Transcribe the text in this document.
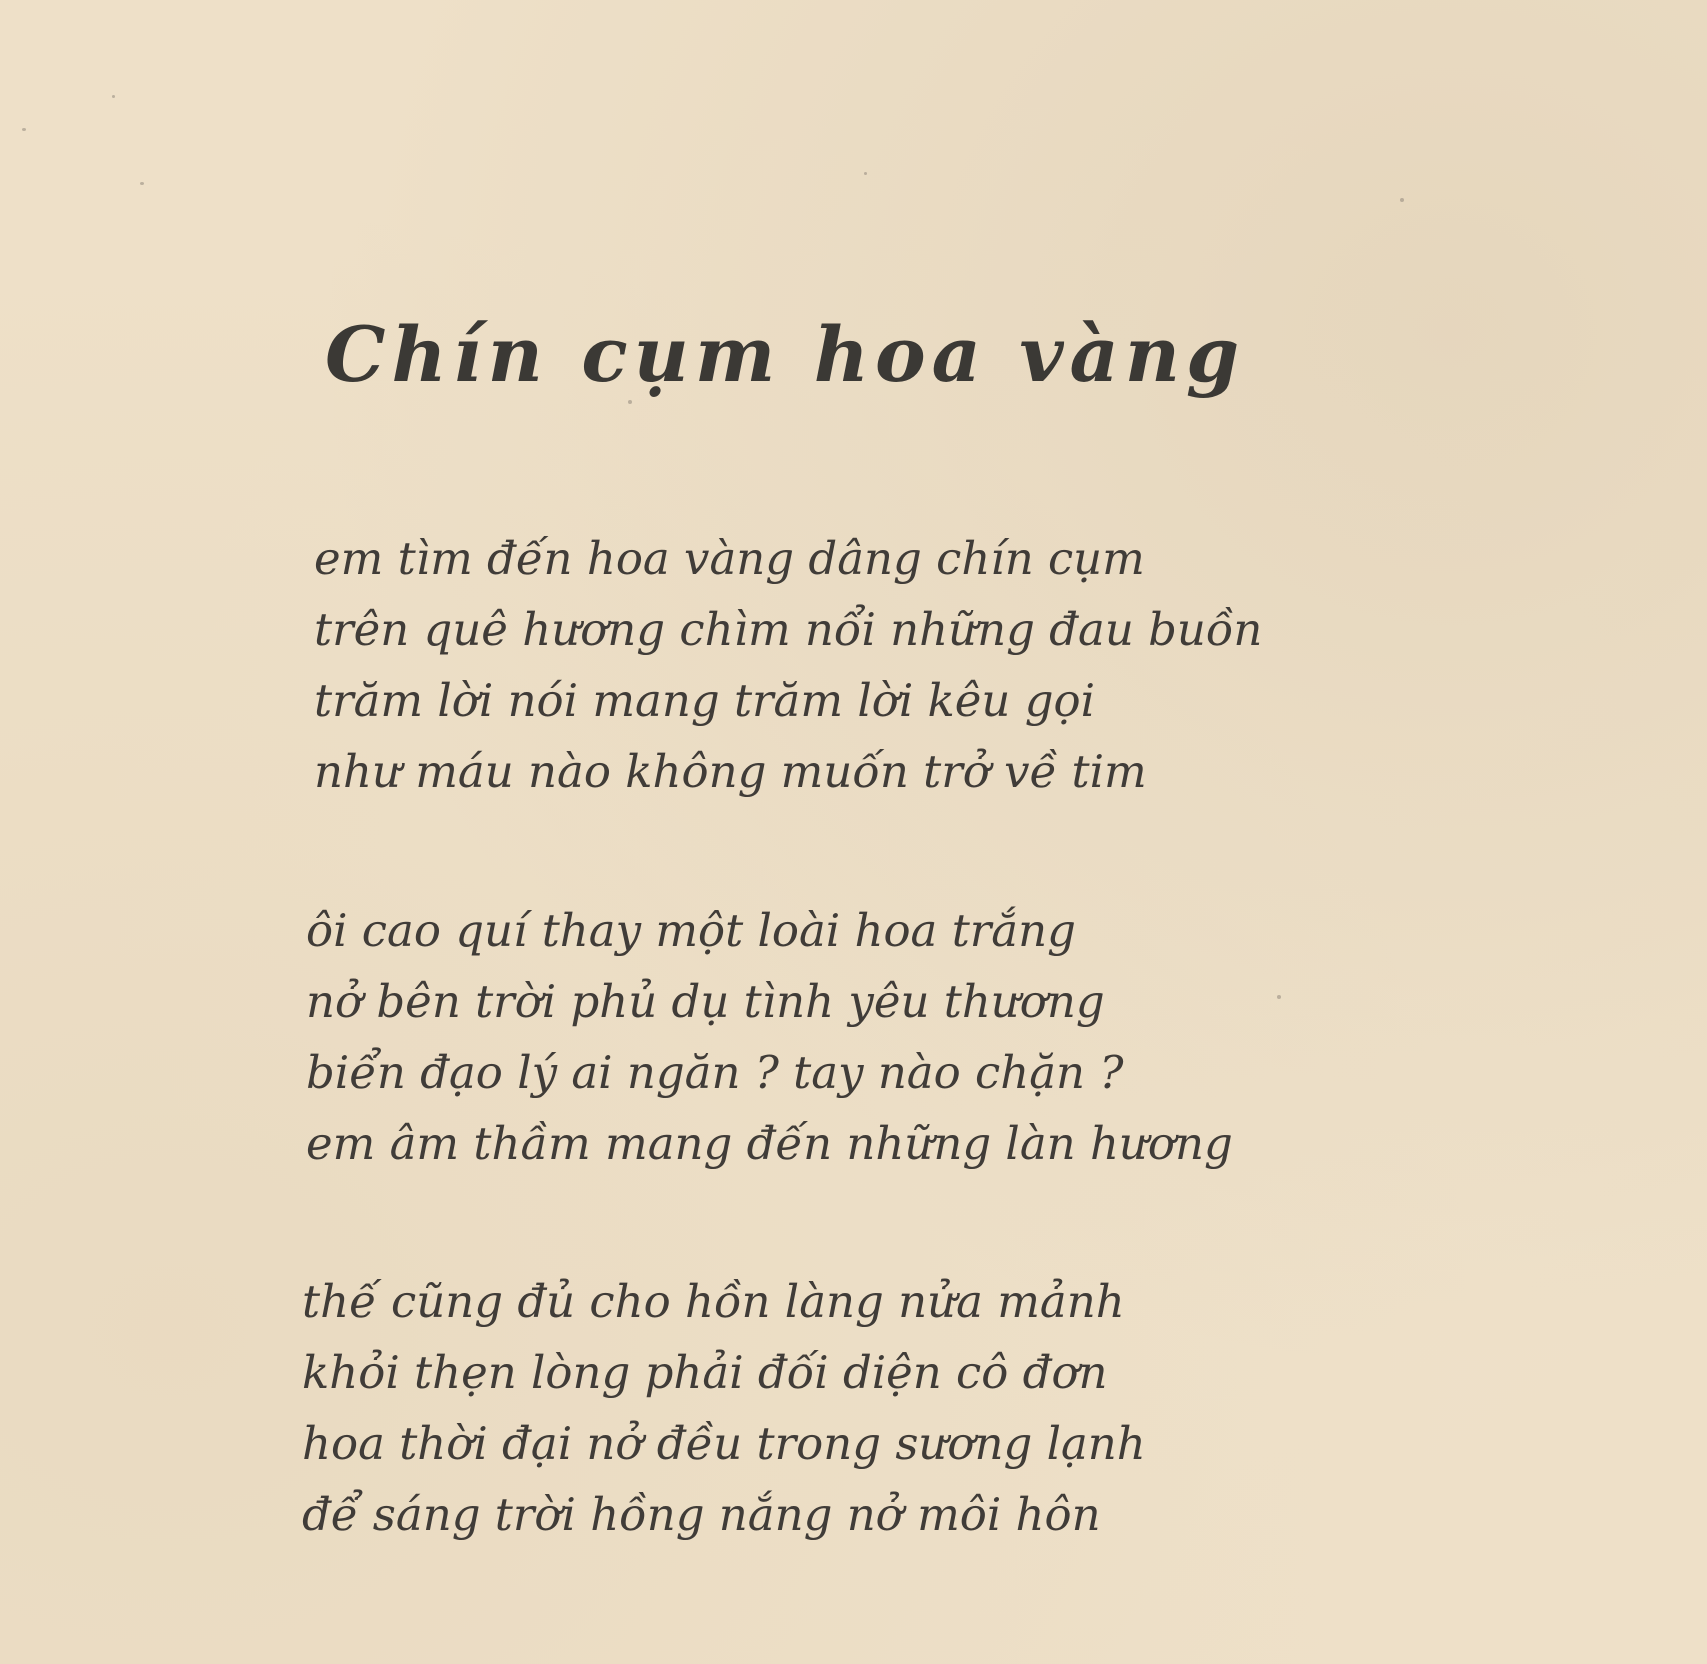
Chín cụm hoa vàng
em tìm đến hoa vàng dâng chín cụm
trên quê hương chìm nổi những đau buồn
trăm lời nói mang trăm lời kêu gọi
như máu nào không muốn trở về tim
ôi cao quí thay một loài hoa trắng
nở bên trời phủ dụ tình yêu thương
biển đạo lý ai ngăn ? tay nào chặn ?
em âm thầm mang đến những làn hương
thế cũng đủ cho hồn làng nửa mảnh
khỏi thẹn lòng phải đối diện cô đơn
hoa thời đại nở đều trong sương lạnh
để sáng trời hồng nắng nở môi hôn
